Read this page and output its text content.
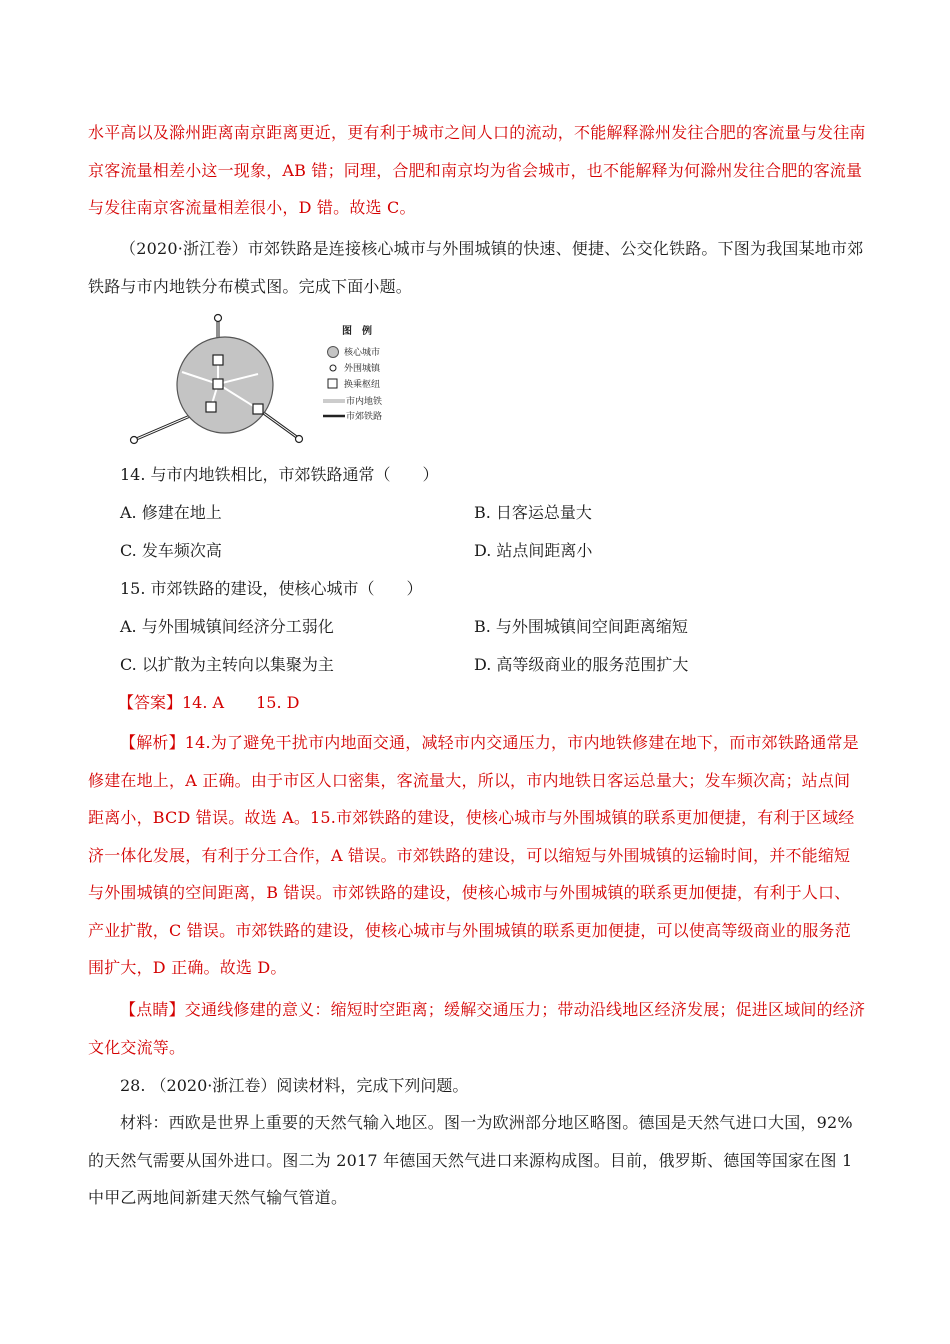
水平高以及滁州距离南京距离更近，更有利于城市之间人口的流动，不能解释滁州发往合肥的客流量与发往南京客流量相差小这一现象，AB 错；同理，合肥和南京均为省会城市，也不能解释为何滁州发往合肥的客流量与发往南京客流量相差很小，D 错。故选 C。
（2020·浙江卷）市郊铁路是连接核心城市与外围城镇的快速、便捷、公交化铁路。下图为我国某地市郊铁路与市内地铁分布模式图。完成下面小题。
图　例
核心城市
外围城镇
换乘枢纽
市内地铁
市郊铁路
14. 与市内地铁相比，市郊铁路通常（　　）
A. 修建在地上	B. 日客运总量大
C. 发车频次高	D. 站点间距离小
15. 市郊铁路的建设，使核心城市（　　）
A. 与外围城镇间经济分工弱化	B. 与外围城镇间空间距离缩短
C. 以扩散为主转向以集聚为主	D. 高等级商业的服务范围扩大
【答案】14. A　　15. D
【解析】14.为了避免干扰市内地面交通，减轻市内交通压力，市内地铁修建在地下，而市郊铁路通常是修建在地上，A 正确。由于市区人口密集，客流量大，所以，市内地铁日客运总量大；发车频次高；站点间距离小，BCD 错误。故选 A。15.市郊铁路的建设，使核心城市与外围城镇的联系更加便捷，有利于区域经济一体化发展，有利于分工合作，A 错误。市郊铁路的建设，可以缩短与外围城镇的运输时间，并不能缩短与外围城镇的空间距离，B 错误。市郊铁路的建设，使核心城市与外围城镇的联系更加便捷，有利于人口、产业扩散，C 错误。市郊铁路的建设，使核心城市与外围城镇的联系更加便捷，可以使高等级商业的服务范围扩大，D 正确。故选 D。
【点睛】交通线修建的意义：缩短时空距离；缓解交通压力；带动沿线地区经济发展；促进区域间的经济文化交流等。
28. （2020·浙江卷）阅读材料，完成下列问题。
材料：西欧是世界上重要的天然气输入地区。图一为欧洲部分地区略图。德国是天然气进口大国，92%的天然气需要从国外进口。图二为 2017 年德国天然气进口来源构成图。目前，俄罗斯、德国等国家在图 1 中甲乙两地间新建天然气输气管道。
